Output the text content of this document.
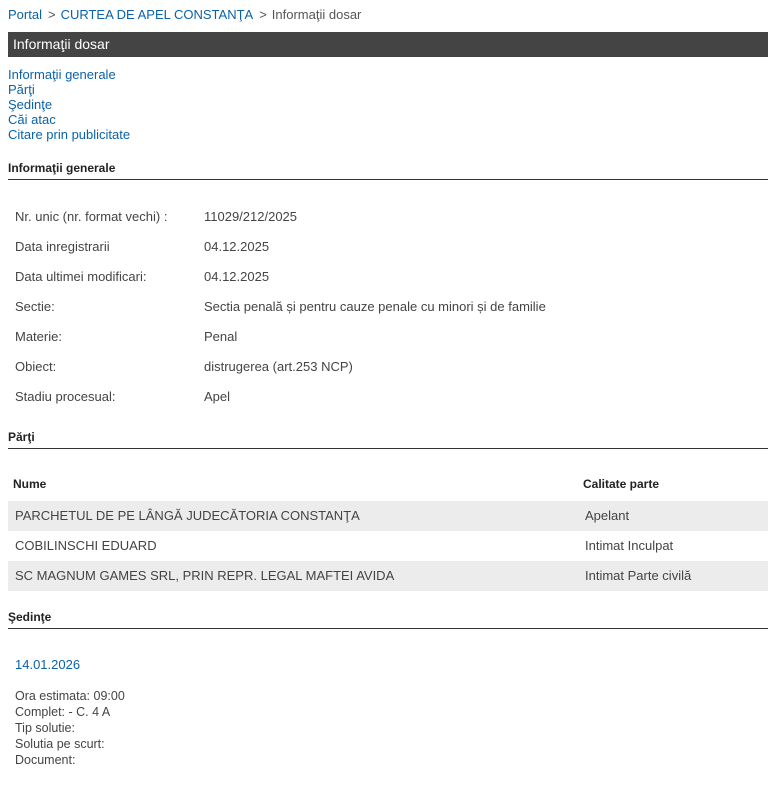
Portal > CURTEA DE APEL CONSTANŢA > Informaţii dosar
Informaţii dosar
Informaţii generale
Părţi
Şedinţe
Căi atac
Citare prin publicitate
Informaţii generale
Nr. unic (nr. format vechi) :	11029/212/2025
Data inregistrarii	04.12.2025
Data ultimei modificari:	04.12.2025
Sectie:	Sectia penală și pentru cauze penale cu minori și de familie
Materie:	Penal
Obiect:	distrugerea (art.253 NCP)
Stadiu procesual:	Apel
Părţi
Nume	Calitate parte
PARCHETUL DE PE LÂNGĂ JUDECĂTORIA CONSTANŢA	Apelant
COBILINSCHI EDUARD	Intimat Inculpat
SC MAGNUM GAMES SRL, PRIN REPR. LEGAL MAFTEI AVIDA	Intimat Parte civilă
Şedinţe
14.01.2026
Ora estimata: 09:00
Complet: - C. 4 A
Tip solutie:
Solutia pe scurt:
Document:
